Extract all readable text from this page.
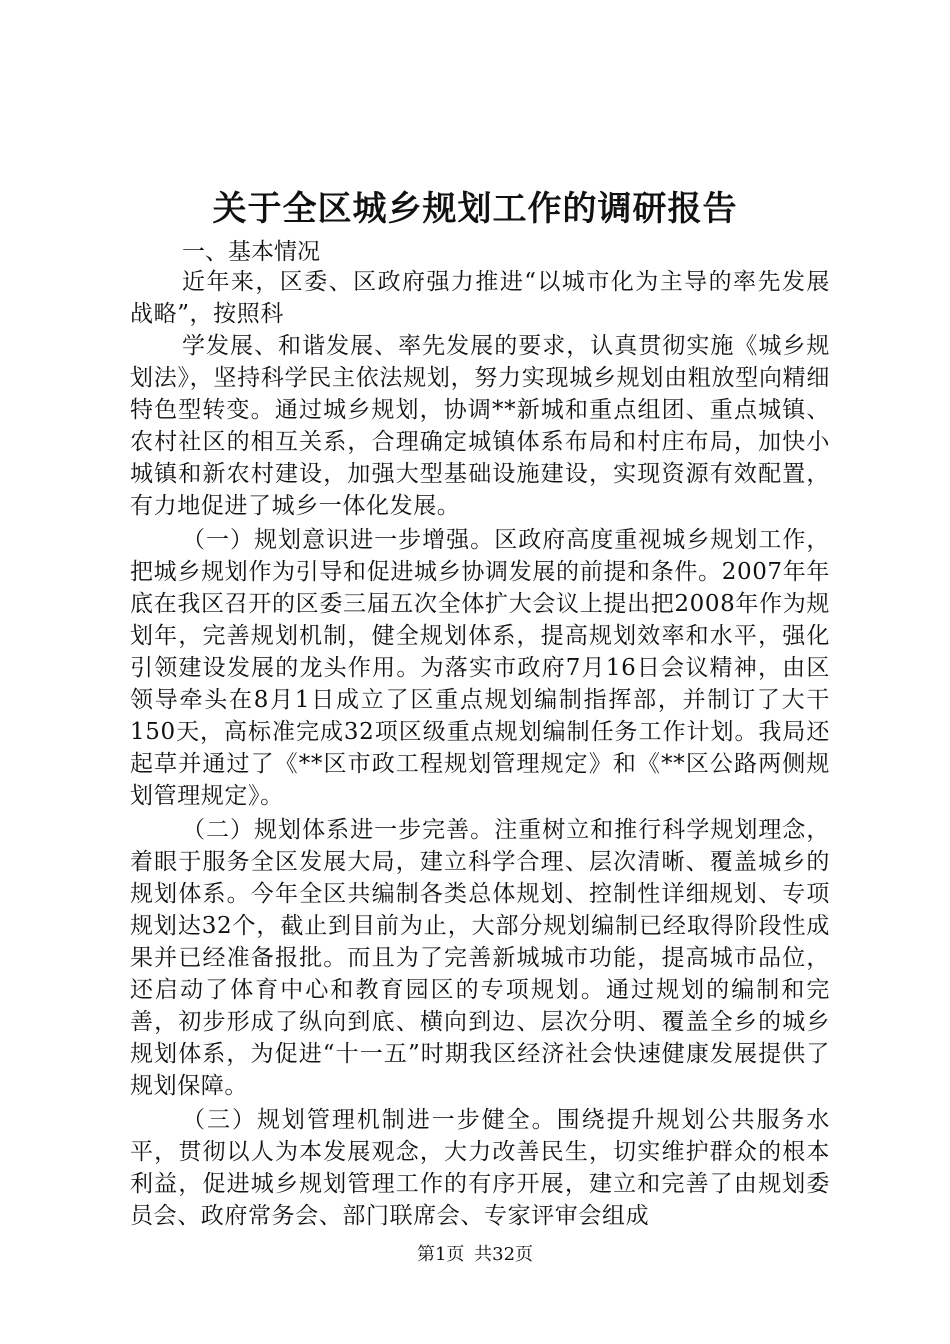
关于全区城乡规划工作的调研报告
一、基本情况

近年来，区委、区政府强力推进“以城市化为主导的率先发展战略”，按照科

学发展、和谐发展、率先发展的要求，认真贯彻实施《城乡规划法》，坚持科学民主依法规划，努力实现城乡规划由粗放型向精细特色型转变。通过城乡规划，协调**新城和重点组团、重点城镇、农村社区的相互关系，合理确定城镇体系布局和村庄布局，加快小城镇和新农村建设，加强大型基础设施建设，实现资源有效配置，有力地促进了城乡一体化发展。

（一）规划意识进一步增强。区政府高度重视城乡规划工作，把城乡规划作为引导和促进城乡协调发展的前提和条件。2007年年底在我区召开的区委三届五次全体扩大会议上提出把2008年作为规划年，完善规划机制，健全规划体系，提高规划效率和水平，强化引领建设发展的龙头作用。为落实市政府7月16日会议精神，由区领导牵头在8月1日成立了区重点规划编制指挥部，并制订了大干150天，高标准完成32项区级重点规划编制任务工作计划。我局还起草并通过了《**区市政工程规划管理规定》和《**区公路两侧规划管理规定》。

（二）规划体系进一步完善。注重树立和推行科学规划理念，着眼于服务全区发展大局，建立科学合理、层次清晰、覆盖城乡的规划体系。今年全区共编制各类总体规划、控制性详细规划、专项规划达32个，截止到目前为止，大部分规划编制已经取得阶段性成果并已经准备报批。而且为了完善新城城市功能，提高城市品位，还启动了体育中心和教育园区的专项规划。通过规划的编制和完善，初步形成了纵向到底、横向到边、层次分明、覆盖全乡的城乡规划体系，为促进“十一五”时期我区经济社会快速健康发展提供了规划保障。

（三）规划管理机制进一步健全。围绕提升规划公共服务水平，贯彻以人为本发展观念，大力改善民生，切实维护群众的根本利益，促进城乡规划管理工作的有序开展，建立和完善了由规划委员会、政府常务会、部门联席会、专家评审会组成

第1页 共32页
